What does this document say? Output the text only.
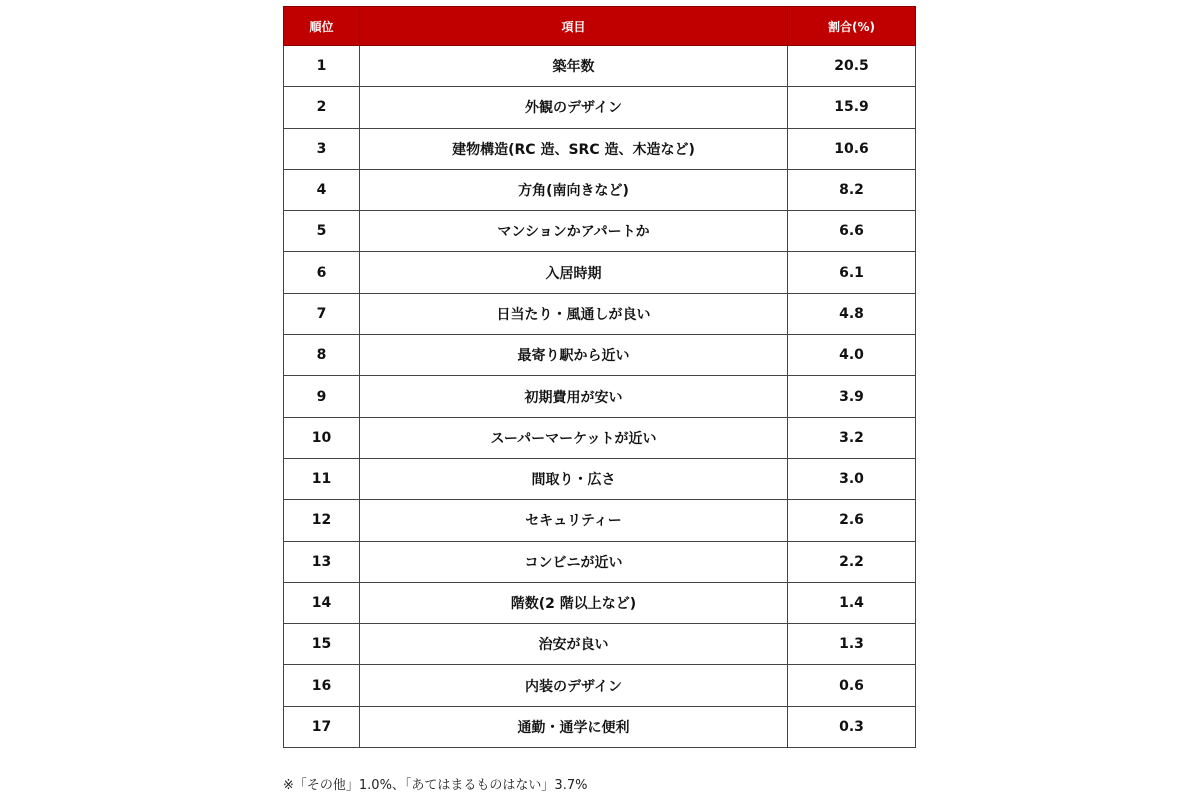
順位	項目	割合(%)
1	築年数	20.5
2	外観のデザイン	15.9
3	建物構造(RC 造、SRC 造、木造など)	10.6
4	方角(南向きなど)	8.2
5	マンションかアパートか	6.6
6	入居時期	6.1
7	日当たり・風通しが良い	4.8
8	最寄り駅から近い	4.0
9	初期費用が安い	3.9
10	スーパーマーケットが近い	3.2
11	間取り・広さ	3.0
12	セキュリティー	2.6
13	コンビニが近い	2.2
14	階数(2 階以上など)	1.4
15	治安が良い	1.3
16	内装のデザイン	0.6
17	通勤・通学に便利	0.3
※「その他」1.0%、「あてはまるものはない」3.7%
